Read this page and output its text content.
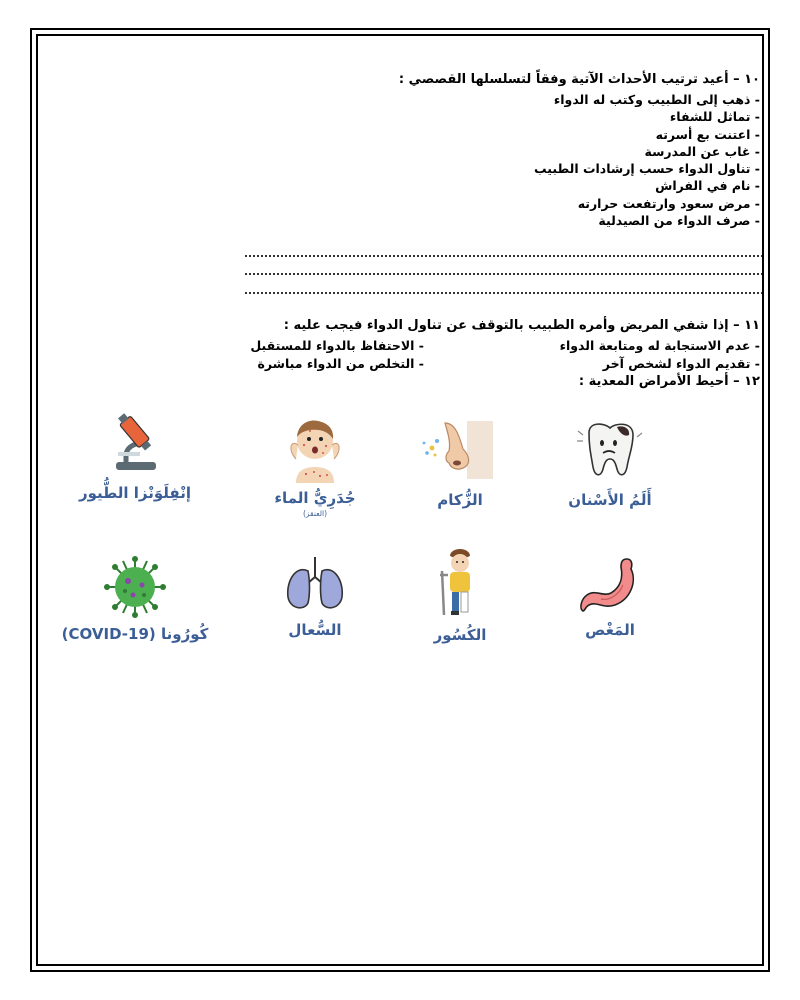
١٠ – أعيد ترتيب الأحداث الآتية وفقاً لتسلسلها القصصي :
- ذهب إلى الطبيب وكتب له الدواء
- تماثل للشفاء
- اعتنت بع أسرته
- غاب عن المدرسة
- تناول الدواء حسب إرشادات الطبيب
- نام في الفراش
- مرض سعود وارتفعت حرارته
- صرف الدواء من الصيدلية
١١ – إذا شفي المريض وأمره الطبيب بالتوقف عن تناول الدواء فيجب عليه :
- عدم الاستجابة له ومتابعة الدواء
- الاحتفاظ بالدواء للمستقبل
- تقديم الدواء لشخص آخر
- التخلص من الدواء مباشرة
١٢ – أحيط الأمراض المعدية :
أَلَمُ الأَسْنان
الزُّكام
جُدَرِيُّ الماء
(العنقز)
إنْفِلَوَنْزا الطُّيور
المَغْص
الكُسُور
السُّعال
كُورُونا (COVID-19)
